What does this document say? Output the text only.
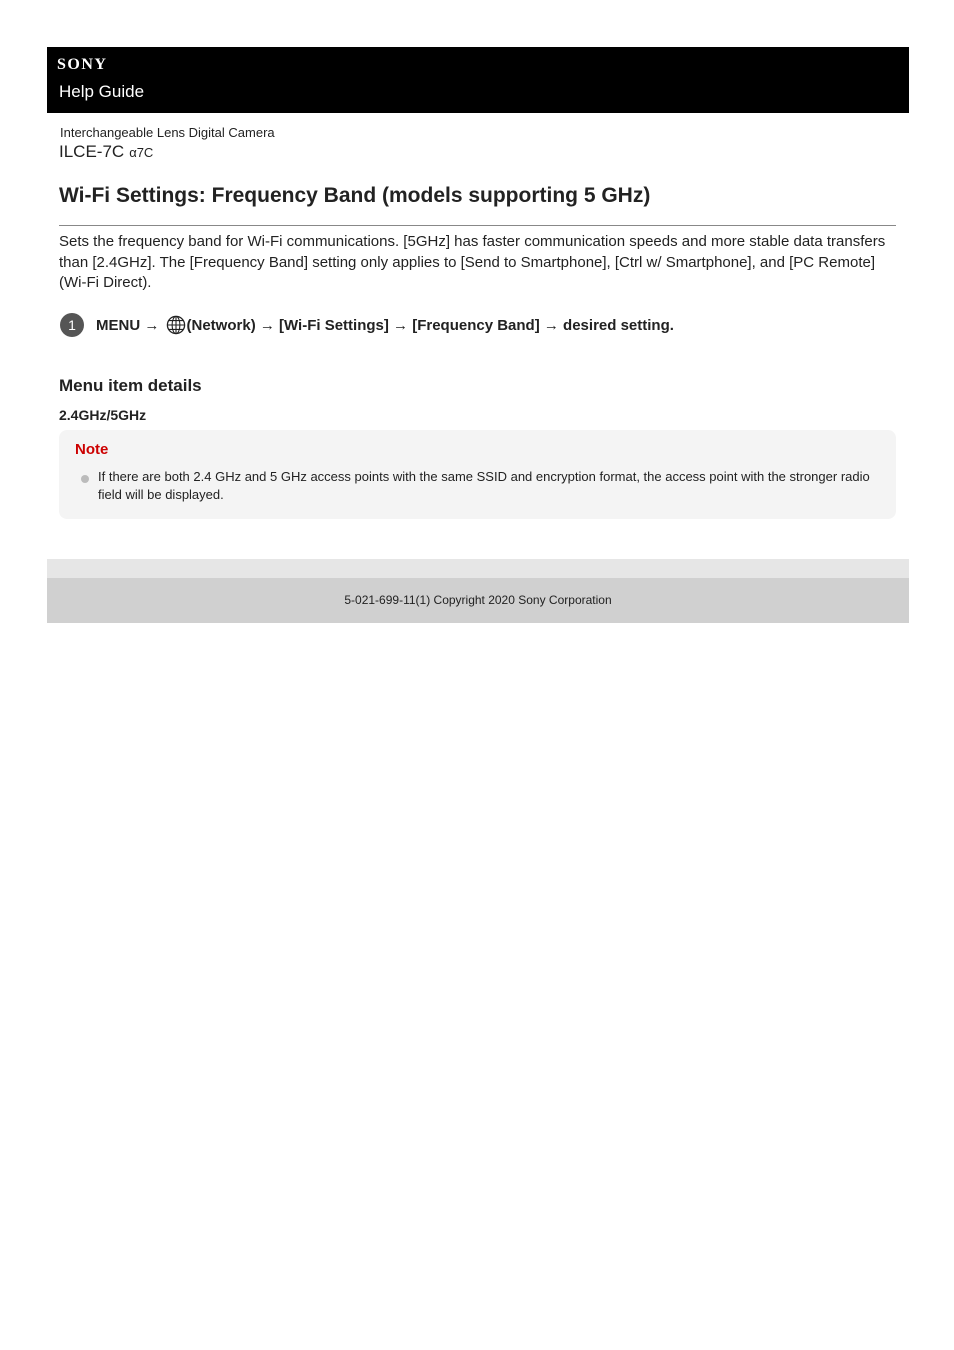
SONY
Help Guide
Interchangeable Lens Digital Camera
ILCE-7C α7C
Wi-Fi Settings: Frequency Band (models supporting 5 GHz)

Sets the frequency band for Wi-Fi communications. [5GHz] has faster communication speeds and more stable data transfers than [2.4GHz]. The [Frequency Band] setting only applies to [Send to Smartphone], [Ctrl w/ Smartphone], and [PC Remote] (Wi-Fi Direct).

1	MENU → (Network) → [Wi-Fi Settings] → [Frequency Band] → desired setting.
Menu item details
2.4GHz/5GHz
Note

If there are both 2.4 GHz and 5 GHz access points with the same SSID and encryption format, the access point with the stronger radio field will be displayed.

5-021-699-11(1) Copyright 2020 Sony Corporation
